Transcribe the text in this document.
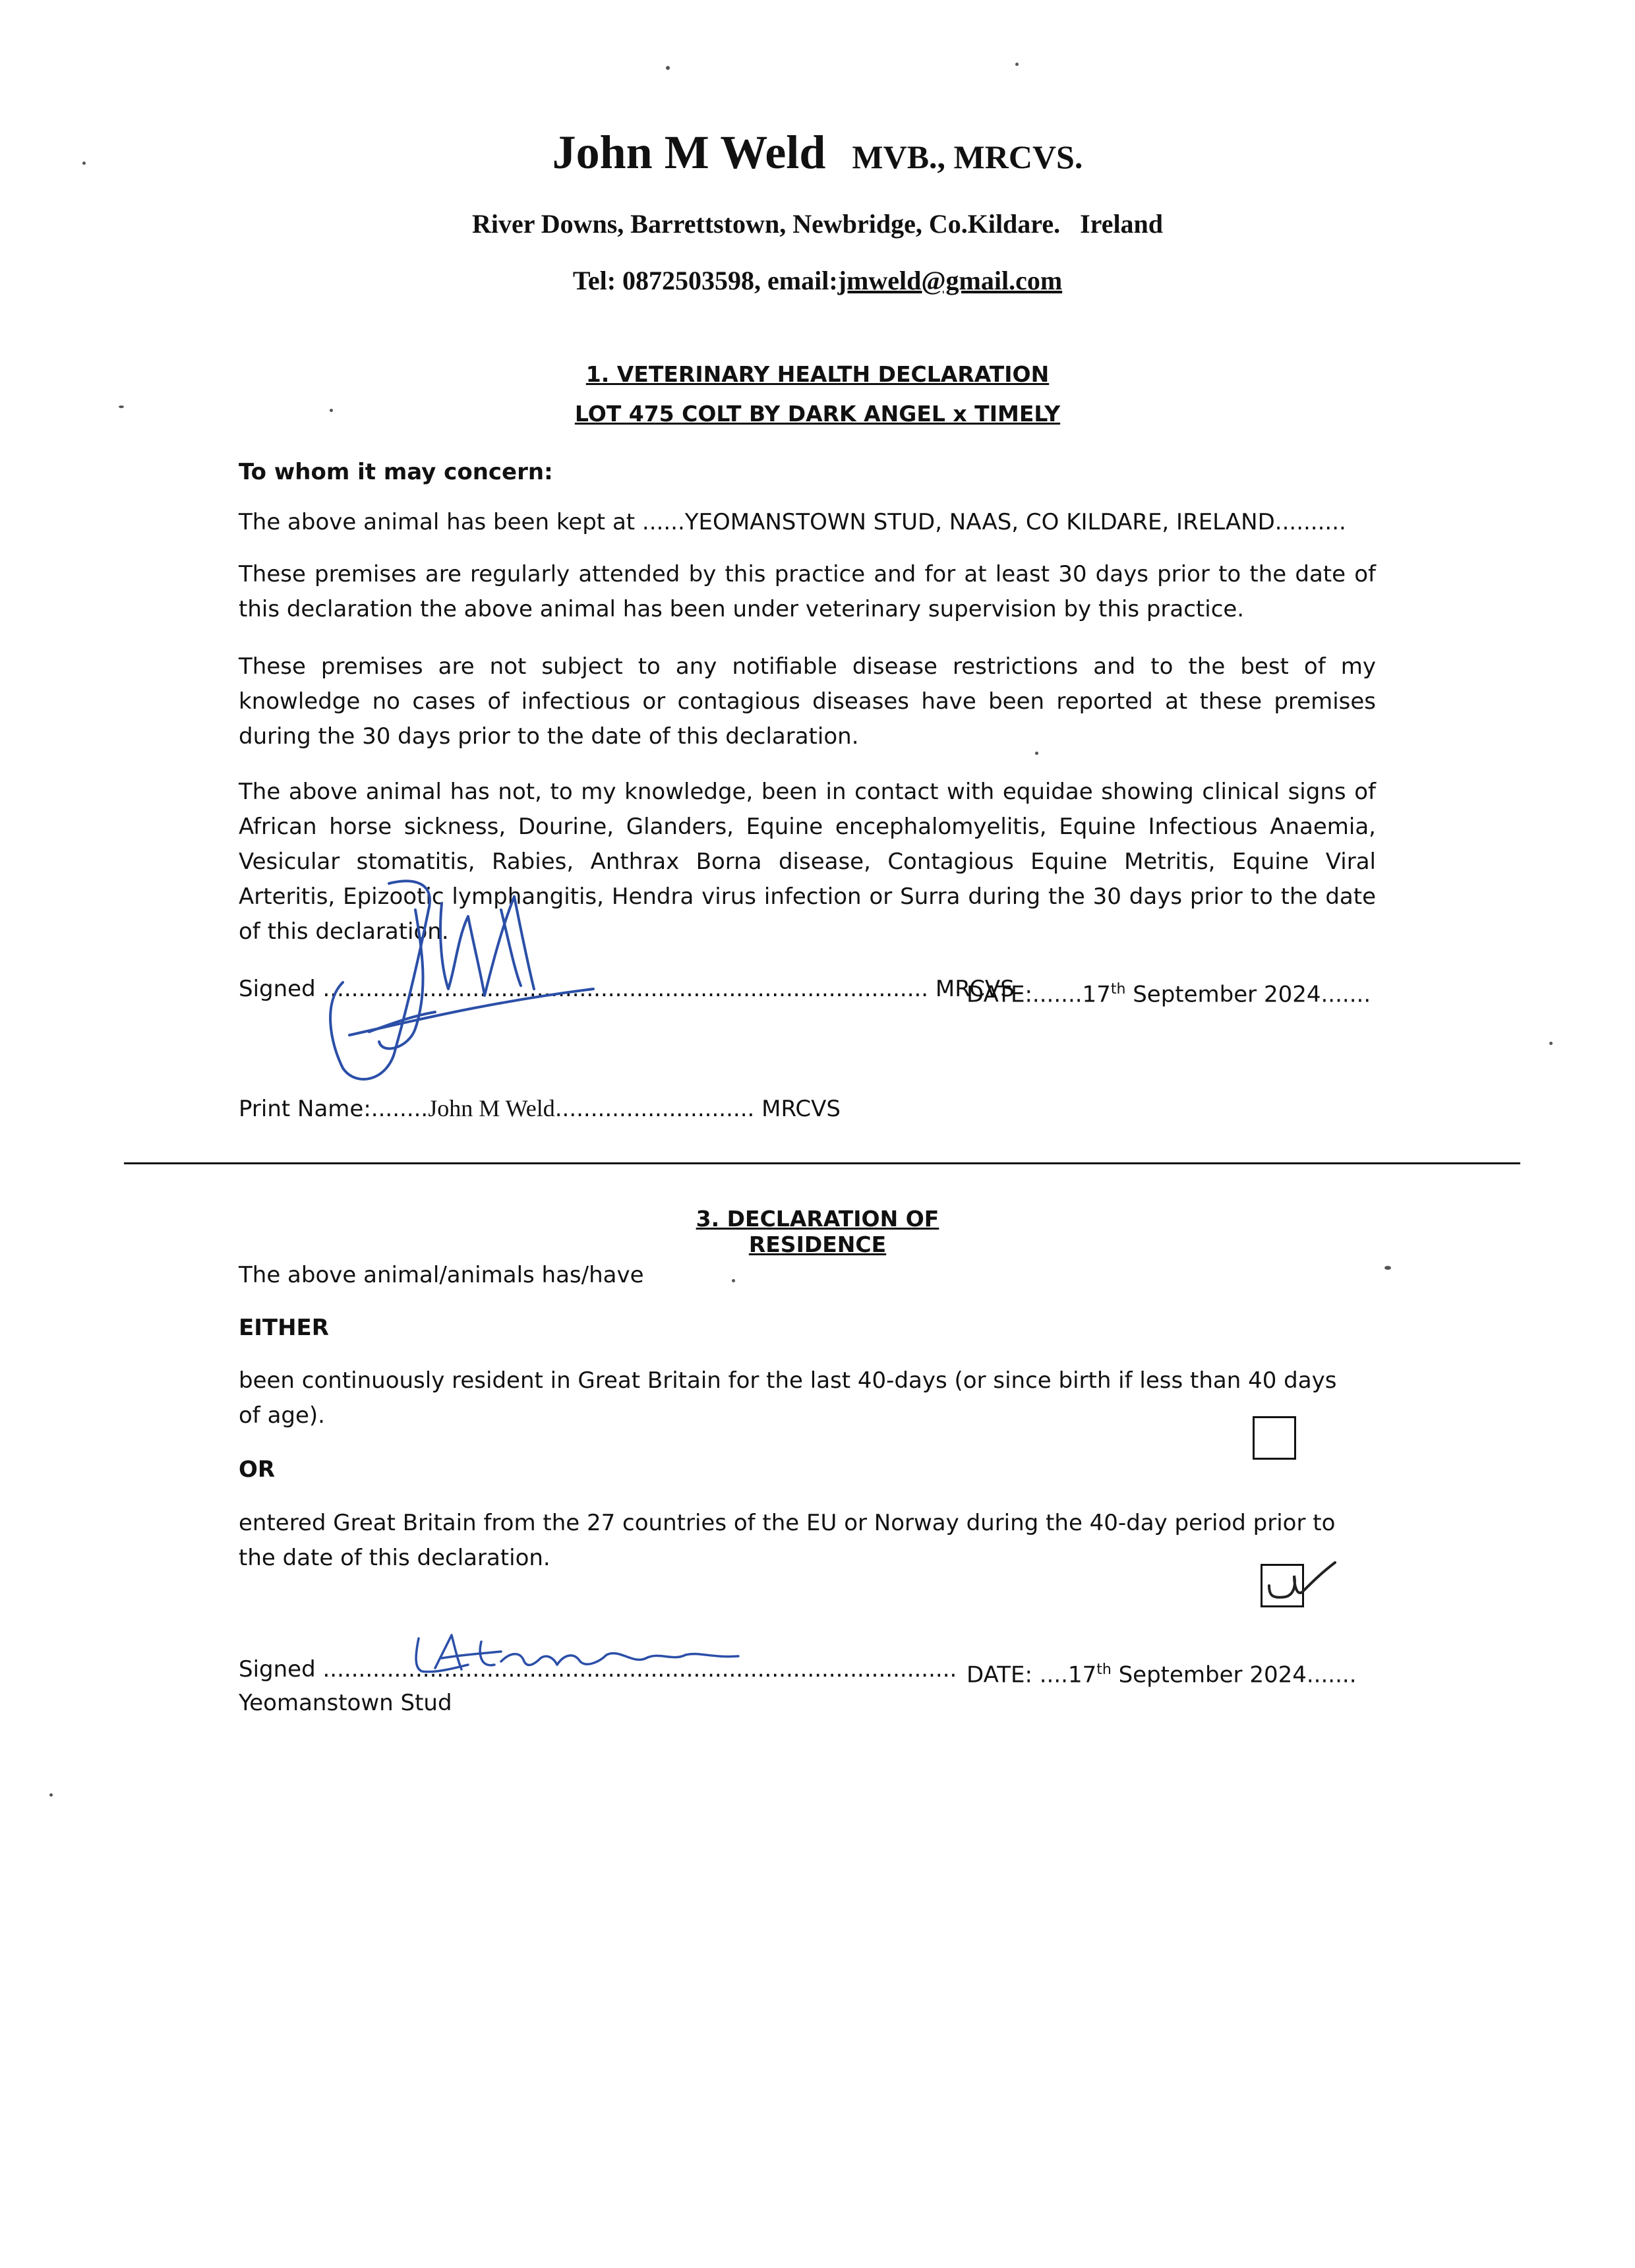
John M Weld MVB., MRCVS.
River Downs, Barrettstown, Newbridge, Co.Kildare. Ireland
Tel: 0872503598, email:jmweld@gmail.com
1. VETERINARY HEALTH DECLARATION
LOT 475 COLT BY DARK ANGEL x TIMELY
To whom it may concern:
The above animal has been kept at ......YEOMANSTOWN STUD, NAAS, CO KILDARE, IRELAND..........
These premises are regularly attended by this practice and for at least 30 days prior to the date of this declaration the above animal has been under veterinary supervision by this practice.
These premises are not subject to any notifiable disease restrictions and to the best of my knowledge no cases of infectious or contagious diseases have been reported at these premises during the 30 days prior to the date of this declaration.
The above animal has not, to my knowledge, been in contact with equidae showing clinical signs of African horse sickness, Dourine, Glanders, Equine encephalomyelitis, Equine Infectious Anaemia, Vesicular stomatitis, Rabies, Anthrax Borna disease, Contagious Equine Metritis, Equine Viral Arteritis, Epizootic lymphangitis, Hendra virus infection or Surra during the 30 days prior to the date of this declaration.
Signed ..................................................................................... MRCVS
DATE:.......17th September 2024.......
Print Name:........John M Weld............................ MRCVS
3. DECLARATION OF RESIDENCE
The above animal/animals has/have
EITHER
been continuously resident in Great Britain for the last 40-days (or since birth if less than 40 days of age).
OR
entered Great Britain from the 27 countries of the EU or Norway during the 40-day period prior to the date of this declaration.
Signed ......................................................................................... DATE: ....17th September 2024.......
Yeomanstown Stud
